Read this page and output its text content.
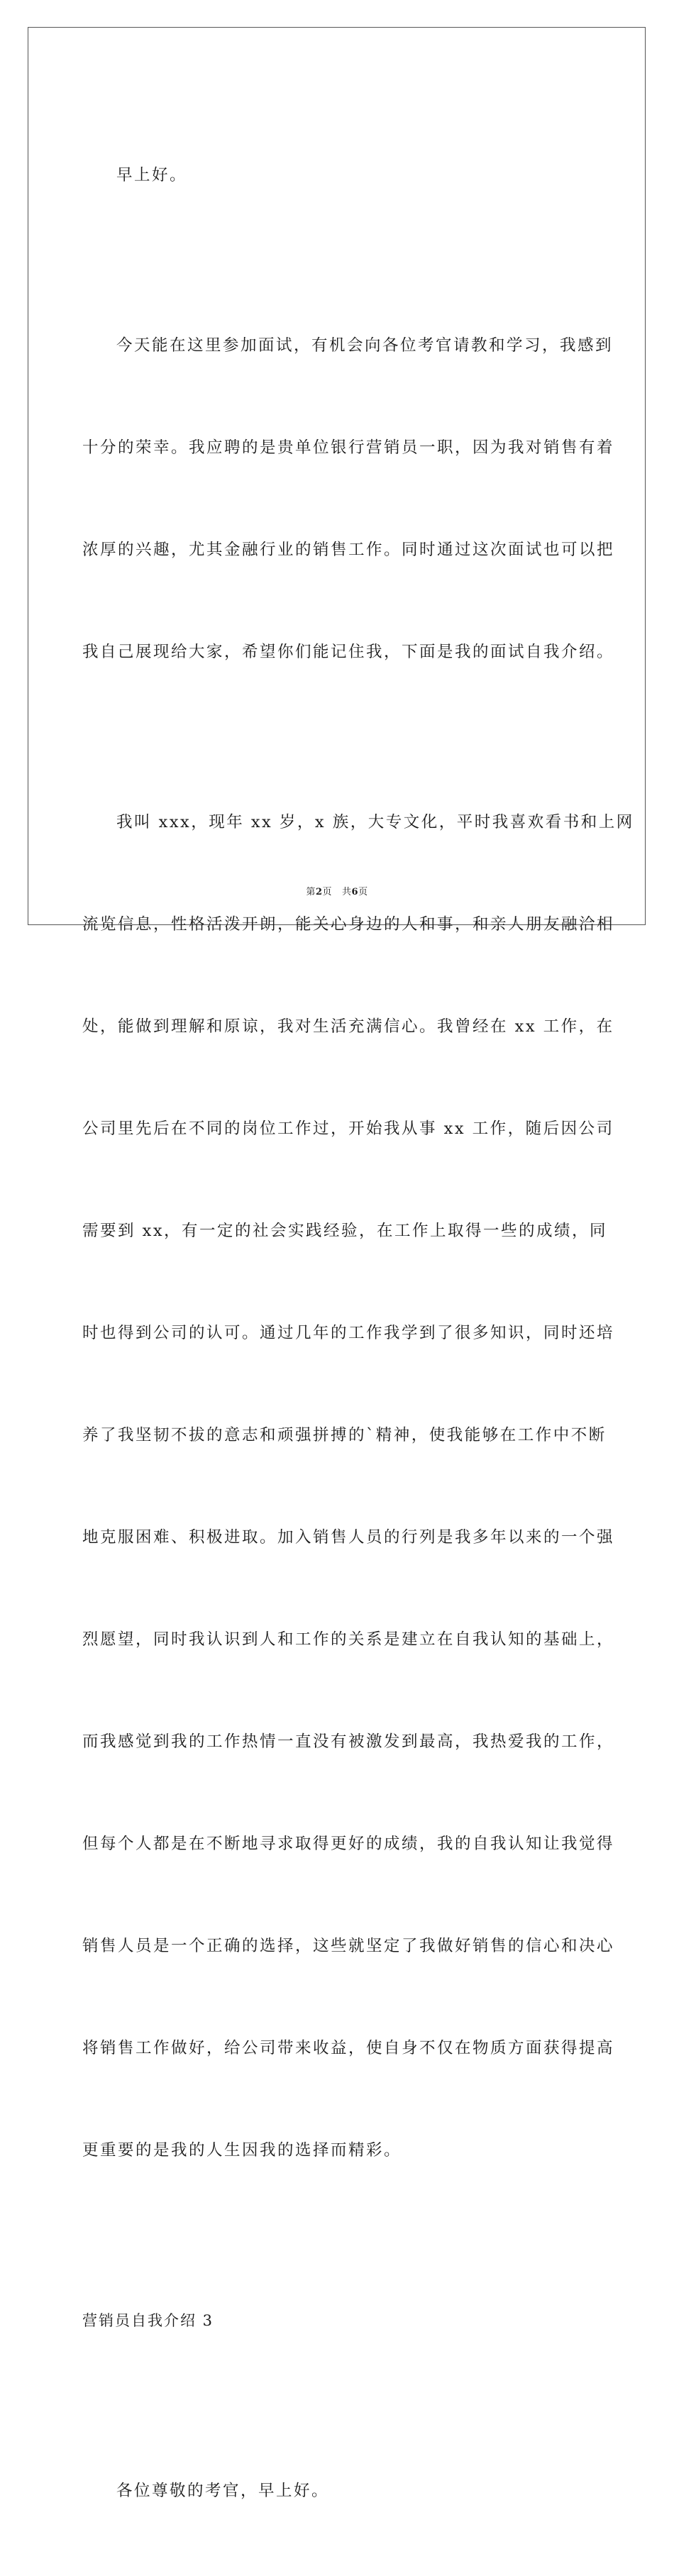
早上好。

今天能在这里参加面试，有机会向各位考官请教和学习，我感到

十分的荣幸。我应聘的是贵单位银行营销员一职，因为我对销售有着

浓厚的兴趣，尤其金融行业的销售工作。同时通过这次面试也可以把

我自己展现给大家，希望你们能记住我，下面是我的面试自我介绍。

我叫 xxx，现年 xx 岁，x 族，大专文化，平时我喜欢看书和上网

流览信息，性格活泼开朗，能关心身边的人和事，和亲人朋友融洽相

处，能做到理解和原谅，我对生活充满信心。我曾经在 xx 工作，在

公司里先后在不同的岗位工作过，开始我从事 xx 工作，随后因公司

需要到 xx，有一定的社会实践经验，在工作上取得一些的成绩，同

时也得到公司的认可。通过几年的工作我学到了很多知识，同时还培

养了我坚韧不拔的意志和顽强拼搏的`精神，使我能够在工作中不断

地克服困难、积极进取。加入销售人员的行列是我多年以来的一个强

烈愿望，同时我认识到人和工作的关系是建立在自我认知的基础上，

而我感觉到我的工作热情一直没有被激发到最高，我热爱我的工作，

但每个人都是在不断地寻求取得更好的成绩，我的自我认知让我觉得

销售人员是一个正确的选择，这些就坚定了我做好销售的信心和决心

将销售工作做好，给公司带来收益，使自身不仅在物质方面获得提高

更重要的是我的人生因我的选择而精彩。

营销员自我介绍 3

各位尊敬的考官，早上好。

第2页 共6页
